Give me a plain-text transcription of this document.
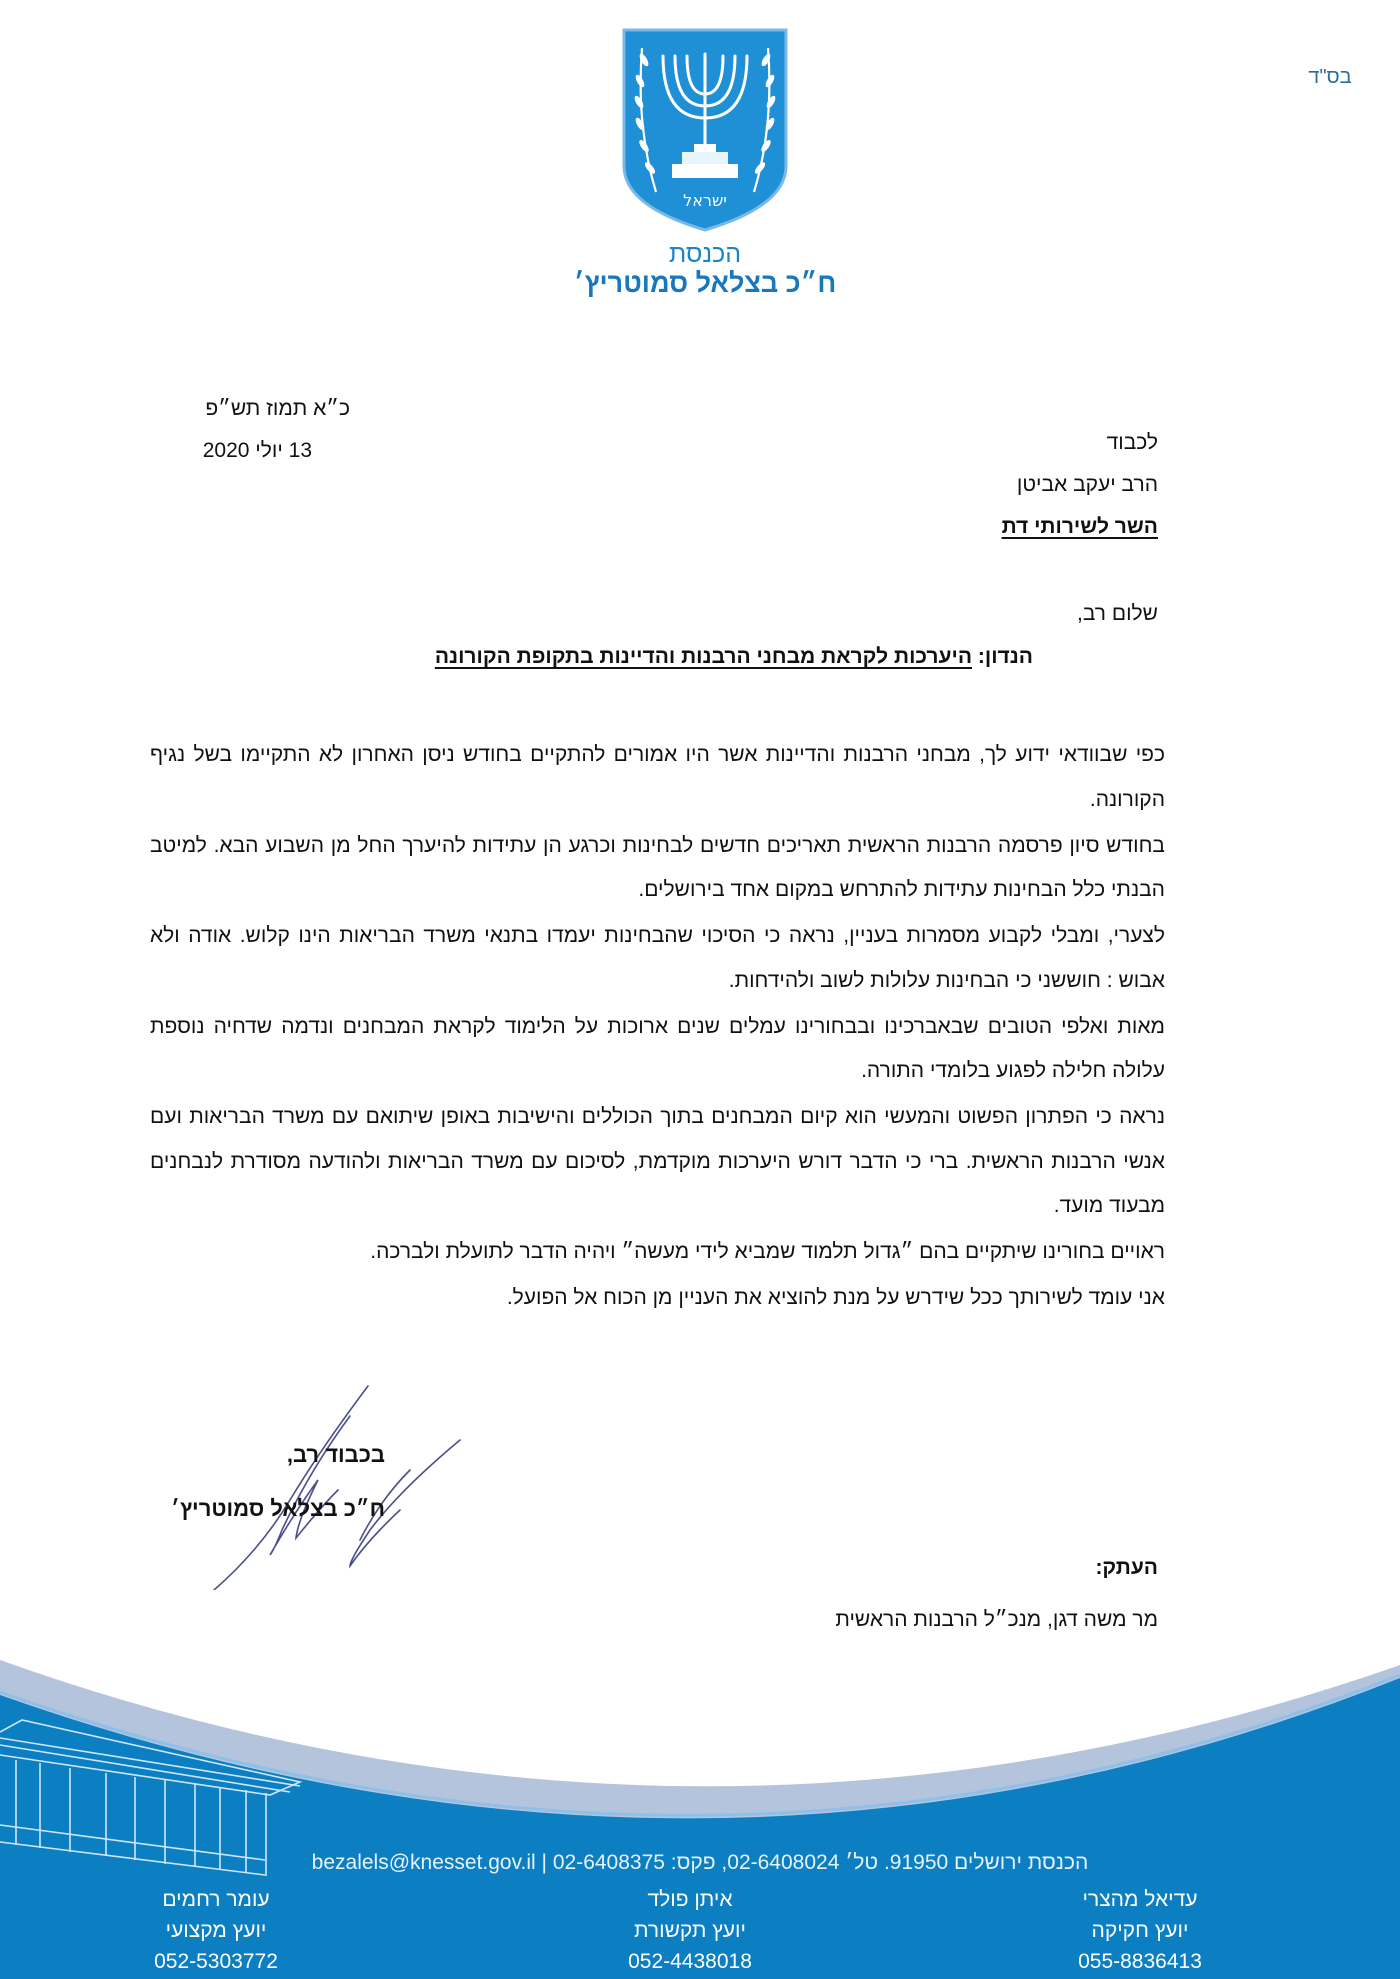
ישראל
הכנסת
ח״כ בצלאל סמוטריץ׳
בס"ד
כ״א תמוז תש״פ
13 יולי 2020	לכבוד
הרב יעקב אביטן
השר לשירותי דת
שלום רב,
הנדון: היערכות לקראת מבחני הרבנות והדיינות בתקופת הקורונה

כפי שבוודאי ידוע לך, מבחני הרבנות והדיינות אשר היו אמורים להתקיים בחודש ניסן האחרון לא התקיימו בשל נגיף הקורונה.

בחודש סיון פרסמה הרבנות הראשית תאריכים חדשים לבחינות וכרגע הן עתידות להיערך החל מן השבוע הבא. למיטב הבנתי כלל הבחינות עתידות להתרחש במקום אחד בירושלים.

לצערי, ומבלי לקבוע מסמרות בעניין, נראה כי הסיכוי שהבחינות יעמדו בתנאי משרד הבריאות הינו קלוש. אודה ולא אבוש : חוששני כי הבחינות עלולות לשוב ולהידחות.

מאות ואלפי הטובים שבאברכינו ובבחורינו עמלים שנים ארוכות על הלימוד לקראת המבחנים ונדמה שדחיה נוספת עלולה חלילה לפגוע בלומדי התורה.

נראה כי הפתרון הפשוט והמעשי הוא קיום המבחנים בתוך הכוללים והישיבות באופן שיתואם עם משרד הבריאות ועם אנשי הרבנות הראשית. ברי כי הדבר דורש היערכות מוקדמת, לסיכום עם משרד הבריאות ולהודעה מסודרת לנבחנים מבעוד מועד.

ראויים בחורינו שיתקיים בהם ״גדול תלמוד שמביא לידי מעשה״ ויהיה הדבר לתועלת ולברכה.

אני עומד לשירותך ככל שידרש על מנת להוציא את העניין מן הכוח אל הפועל.

בכבוד רב,
ח״כ בצלאל סמוטריץ׳
העתק:
מר משה דגן, מנכ״ל הרבנות הראשית
הכנסת ירושלים 91950. טל׳ 02-6408024, פקס: 02-6408375 | bezalels@knesset.gov.il
עדיאל מהצרי
יועץ חקיקה
055-8836413
איתן פולד
יועץ תקשורת
052-4438018
עומר רחמים
יועץ מקצועי
052-5303772
